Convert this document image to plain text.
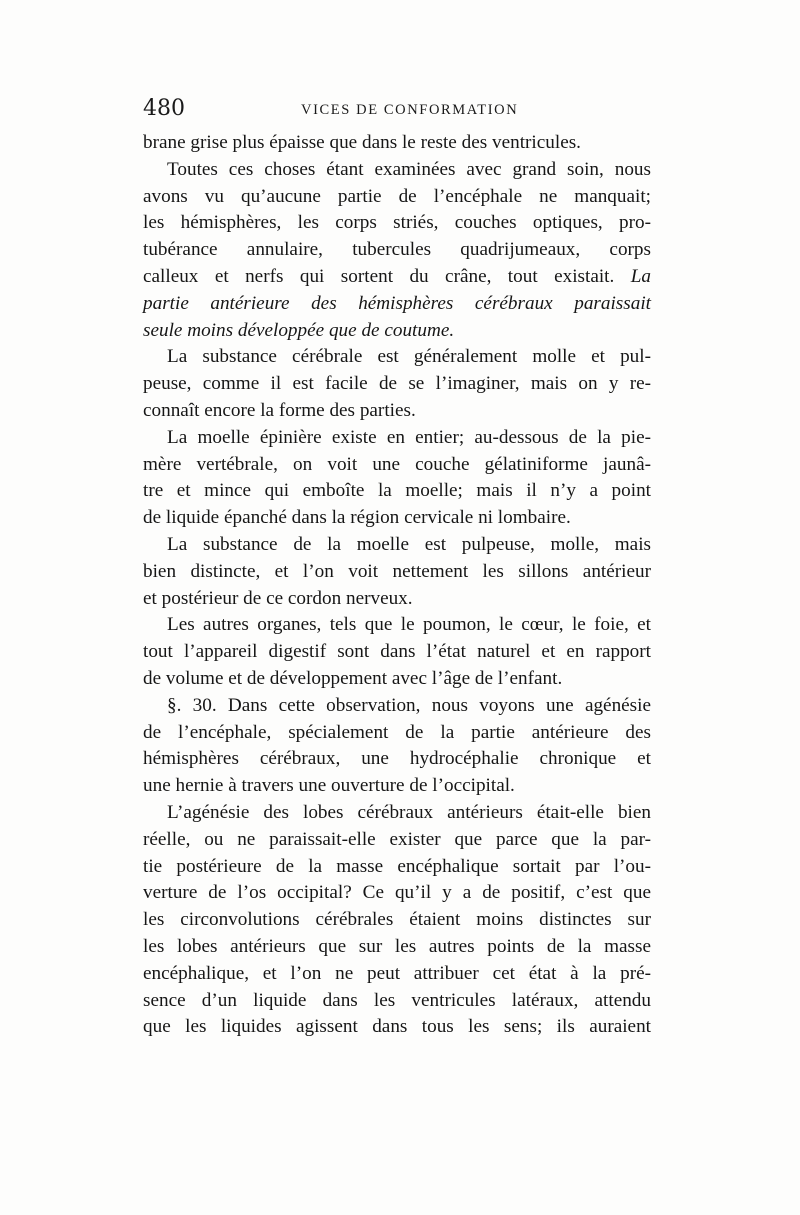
480	VICES DE CONFORMATION
brane grise plus épaisse que dans le reste des ventricules.
Toutes ces choses étant examinées avec grand soin, nous
avons vu qu’aucune partie de l’encéphale ne manquait;
les hémisphères, les corps striés, couches optiques, pro-
tubérance annulaire, tubercules quadrijumeaux, corps
calleux et nerfs qui sortent du crâne, tout existait. La
partie antérieure des hémisphères cérébraux paraissait
seule moins développée que de coutume.
La substance cérébrale est généralement molle et pul-
peuse, comme il est facile de se l’imaginer, mais on y re-
connaît encore la forme des parties.
La moelle épinière existe en entier; au-dessous de la pie-
mère vertébrale, on voit une couche gélatiniforme jaunâ-
tre et mince qui emboîte la moelle; mais il n’y a point
de liquide épanché dans la région cervicale ni lombaire.
La substance de la moelle est pulpeuse, molle, mais
bien distincte, et l’on voit nettement les sillons antérieur
et postérieur de ce cordon nerveux.
Les autres organes, tels que le poumon, le cœur, le foie, et
tout l’appareil digestif sont dans l’état naturel et en rapport
de volume et de développement avec l’âge de l’enfant.
§. 30. Dans cette observation, nous voyons une agénésie
de l’encéphale, spécialement de la partie antérieure des
hémisphères cérébraux, une hydrocéphalie chronique et
une hernie à travers une ouverture de l’occipital.
L’agénésie des lobes cérébraux antérieurs était-elle bien
réelle, ou ne paraissait-elle exister que parce que la par-
tie postérieure de la masse encéphalique sortait par l’ou-
verture de l’os occipital? Ce qu’il y a de positif, c’est que
les circonvolutions cérébrales étaient moins distinctes sur
les lobes antérieurs que sur les autres points de la masse
encéphalique, et l’on ne peut attribuer cet état à la pré-
sence d’un liquide dans les ventricules latéraux, attendu
que les liquides agissent dans tous les sens; ils auraient
